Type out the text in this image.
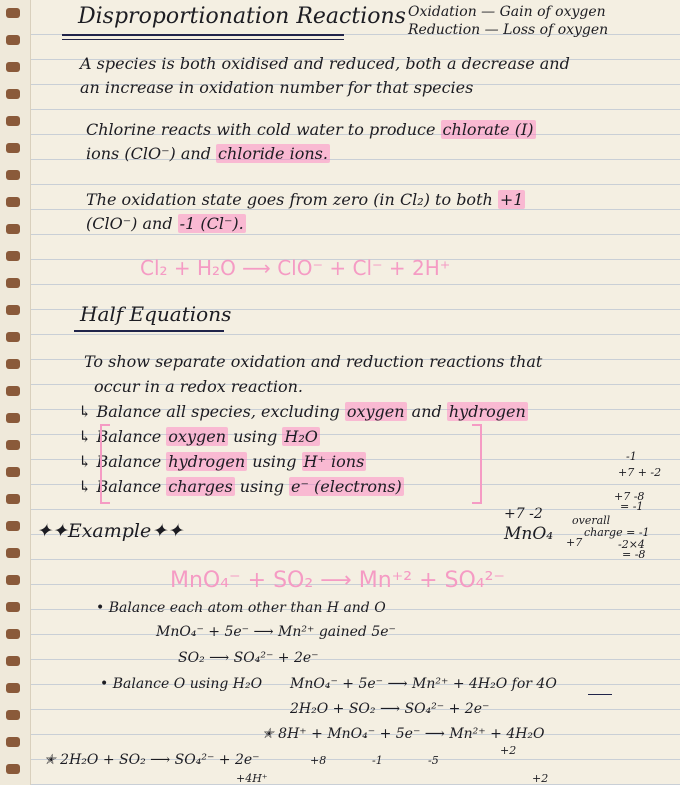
Disproportionation Reactions Oxidation — Gain of oxygen
Reduction — Loss of oxygen
A species is both oxidised and reduced, both a decrease and
an increase in oxidation number for that species
Chlorine reacts with cold water to produce chlorate (I)
ions (ClO⁻) and chloride ions.
The oxidation state goes from zero (in Cl₂) to both +1
(ClO⁻) and -1 (Cl⁻).
Cl₂ + H₂O ⟶ ClO⁻ + Cl⁻ + 2H⁺
Half Equations
To show separate oxidation and reduction reactions that
occur in a redox reaction.
↳ Balance all species, excluding oxygen and hydrogen
↳ Balance oxygen using H₂O
↳ Balance hydrogen using H⁺ ions
↳ Balance charges using e⁻ (electrons)
-1
+7 + -2
+7 -8
= -1
+7 -2
MnO₄ +7
overall
charge = -1
-2×4
= -8
✦✦Example✦✦
MnO₄⁻ + SO₂ ⟶ Mn⁺² + SO₄²⁻
• Balance each atom other than H and O
MnO₄⁻ + 5e⁻ ⟶ Mn²⁺ gained 5e⁻
SO₂ ⟶ SO₄²⁻ + 2e⁻
• Balance O using H₂O MnO₄⁻ + 5e⁻ ⟶ Mn²⁺ + 4H₂O for 4O
2H₂O + SO₂ ⟶ SO₄²⁻ + 2e⁻
✭ 8H⁺ + MnO₄⁻ + 5e⁻ ⟶ Mn²⁺ + 4H₂O
+2
✭ 2H₂O + SO₂ ⟶ SO₄²⁻ + 2e⁻	+8	-1	-5
+4H⁺	+2
